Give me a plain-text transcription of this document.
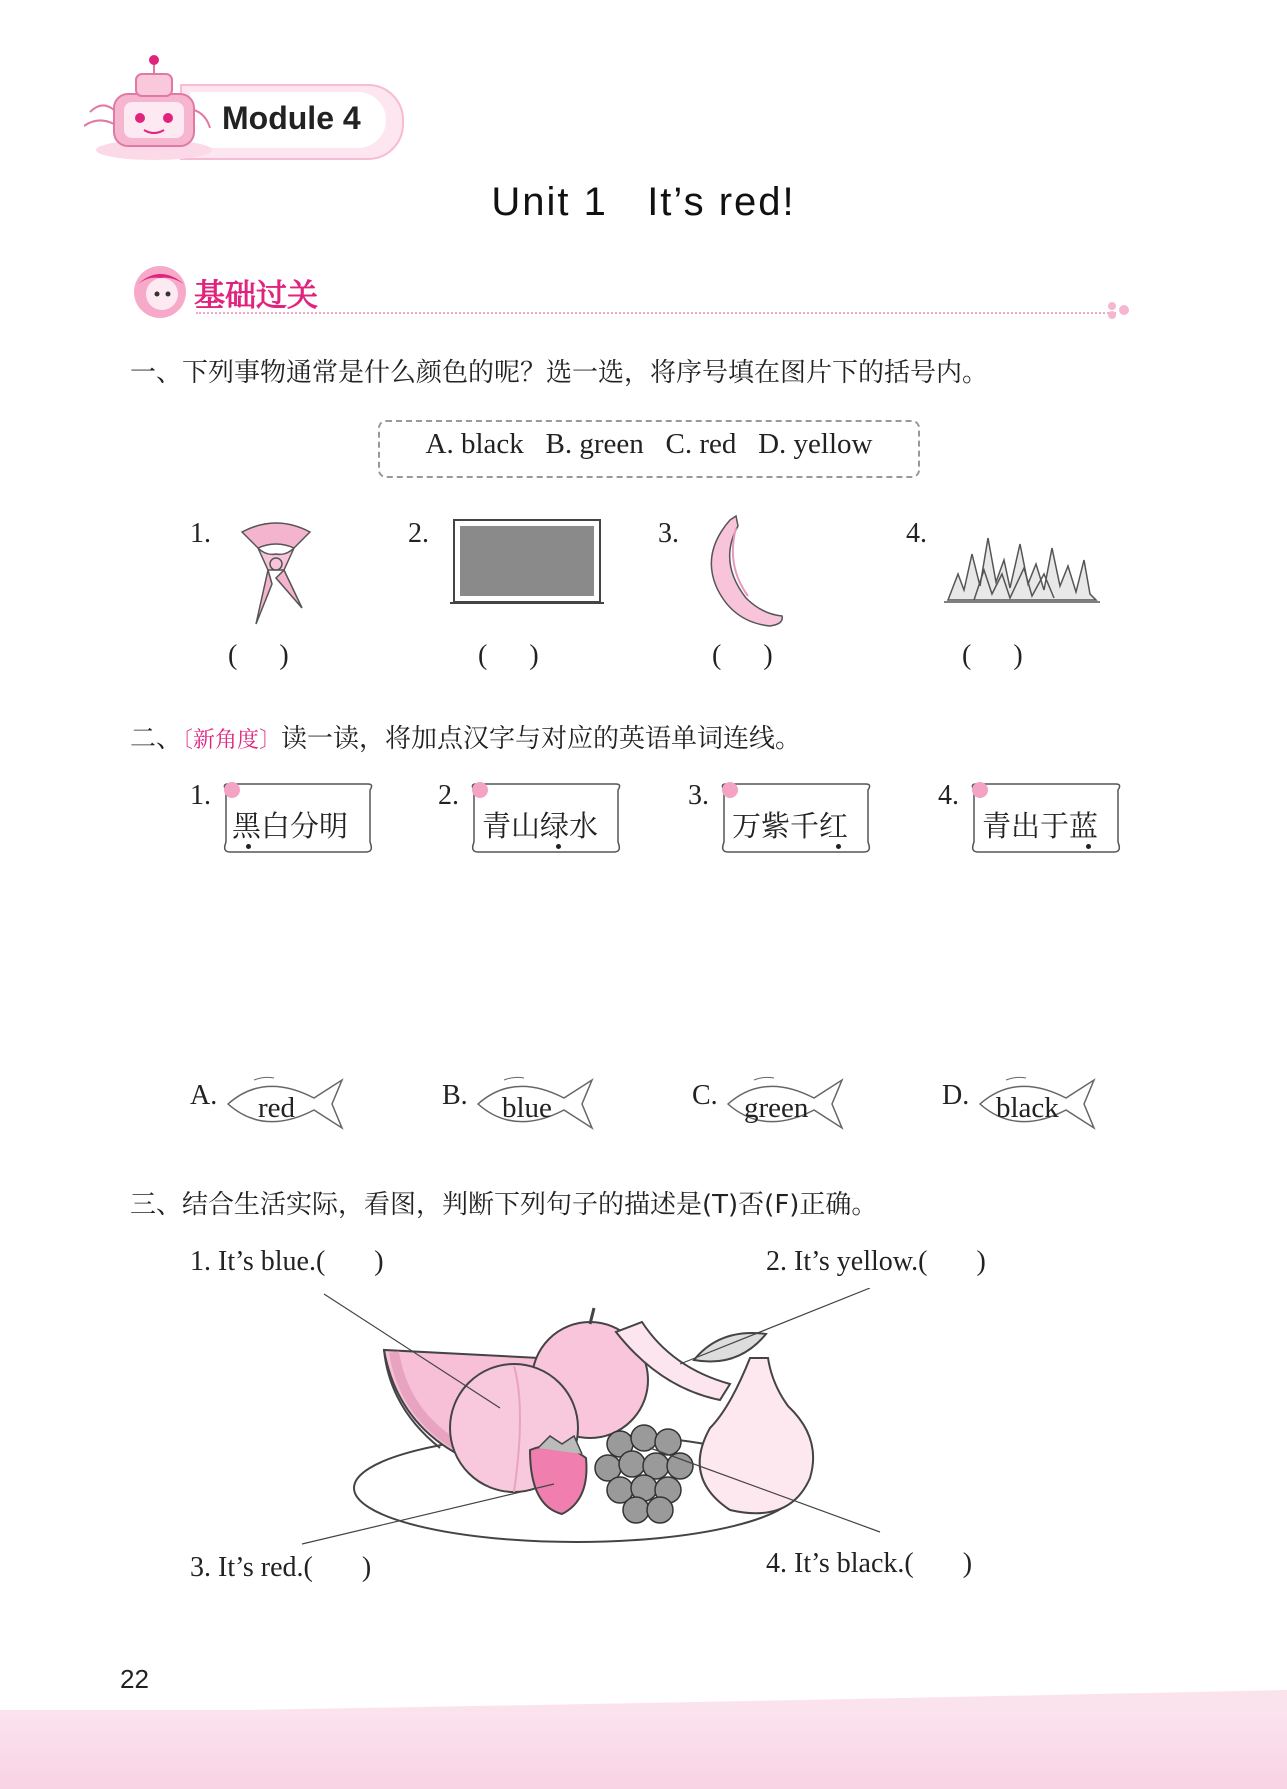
Module 4
Unit 1   It’s red!
基础过关
一、下列事物通常是什么颜色的呢？选一选，将序号填在图片下的括号内。
A. black   B. green   C. red   D. yellow
1.
(      )
2.
(      )
3.
(      )
4.
(      )
二、〔新角度〕读一读，将加点汉字与对应的英语单词连线。
1.
黑白分明
2.
青山绿水
3.
万紫千红
4.
青出于蓝
A. red	B. blue	C. green	D. black
三、结合生活实际，看图，判断下列句子的描述是(T)否(F)正确。
1. It’s blue.(       )	2. It’s yellow.(       )
3. It’s red.(       )	4. It’s black.(       )
22
